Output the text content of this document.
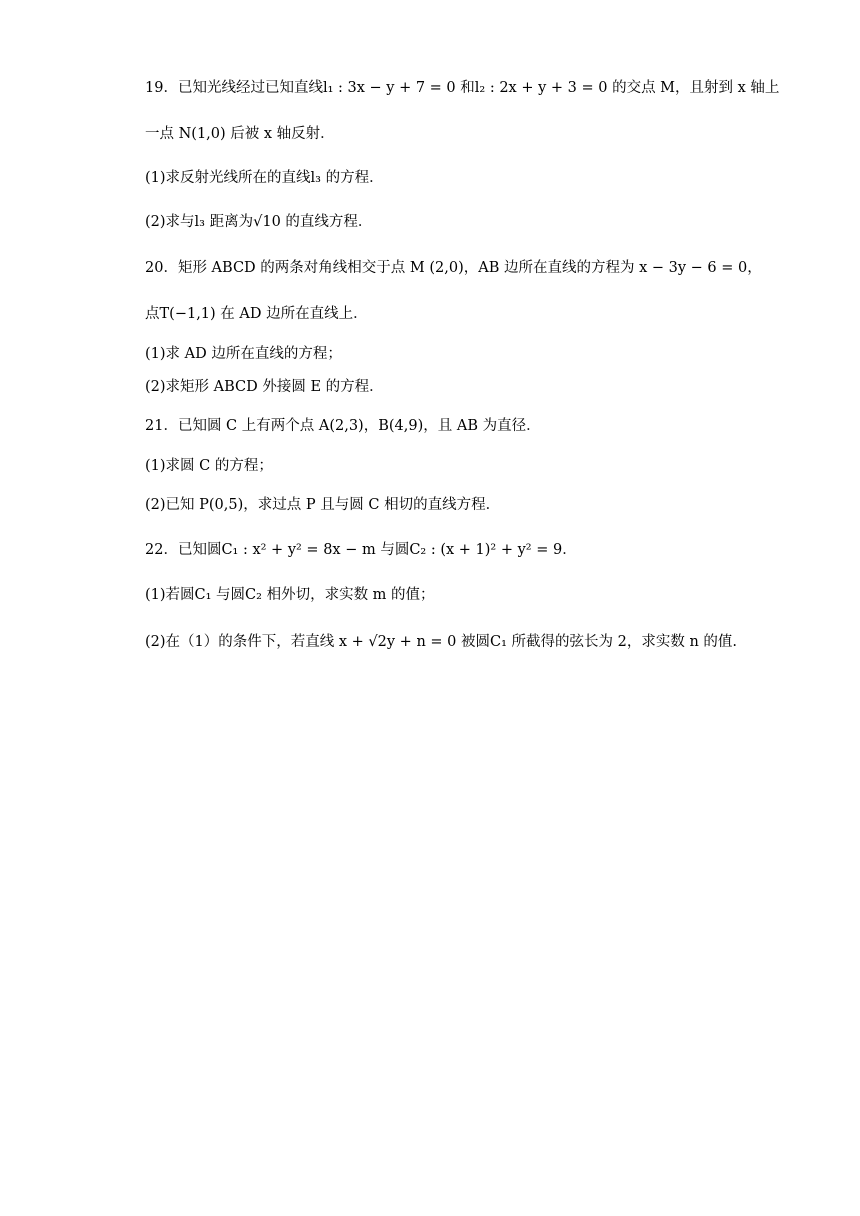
19．已知光线经过已知直线l₁ : 3x − y + 7 = 0 和l₂ : 2x + y + 3 = 0 的交点 M，且射到 x 轴上
一点 N(1,0) 后被 x 轴反射．
(1)求反射光线所在的直线l₃ 的方程．
(2)求与l₃ 距离为√10 的直线方程．
20．矩形 ABCD 的两条对角线相交于点 M (2,0)，AB 边所在直线的方程为 x − 3y − 6 = 0，
点T(−1,1) 在 AD 边所在直线上．
(1)求 AD 边所在直线的方程；
(2)求矩形 ABCD 外接圆 E 的方程．
21．已知圆 C 上有两个点 A(2,3)，B(4,9)，且 AB 为直径．
(1)求圆 C 的方程；
(2)已知 P(0,5)，求过点 P 且与圆 C 相切的直线方程．
22．已知圆C₁ : x² + y² = 8x − m 与圆C₂ : (x + 1)² + y² = 9．
(1)若圆C₁ 与圆C₂ 相外切，求实数 m 的值；
(2)在（1）的条件下，若直线 x + √2y + n = 0 被圆C₁ 所截得的弦长为 2，求实数 n 的值.
